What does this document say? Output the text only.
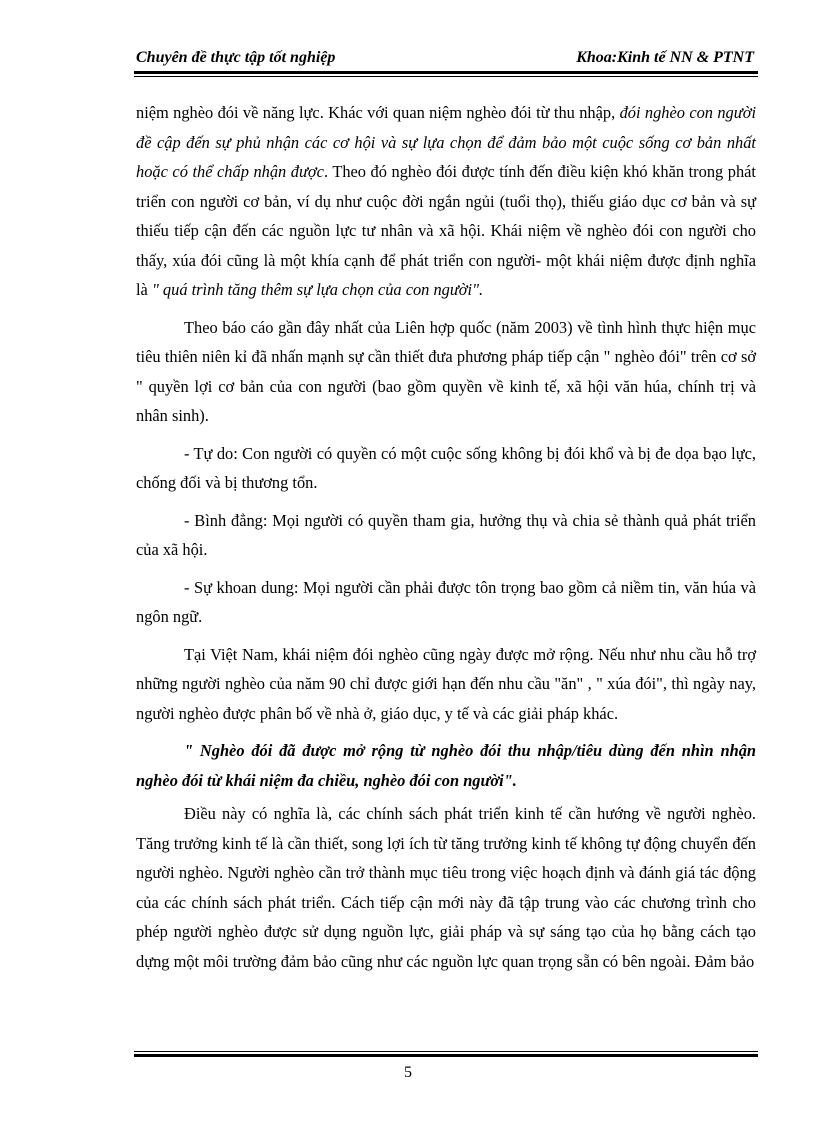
Chuyên đề thực tập tốt nghiệp	Khoa:Kinh tế NN & PTNT

niệm nghèo đói về năng lực. Khác với quan niệm nghèo đói từ thu nhập, đói nghèo con người đề cập đến sự phủ nhận các cơ hội và sự lựa chọn để đảm bảo một cuộc sống cơ bản nhất hoặc có thể chấp nhận được. Theo đó nghèo đói được tính đến điều kiện khó khăn trong phát triển con người cơ bản, ví dụ như cuộc đời ngắn ngủi (tuổi thọ), thiếu giáo dục cơ bản và sự thiếu tiếp cận đến các nguồn lực tư nhân và xã hội. Khái niệm về nghèo đói con người cho thấy, xúa đói cũng là một khía cạnh để phát triển con người- một khái niệm được định nghĩa là " quá trình tăng thêm sự lựa chọn của con người".

Theo báo cáo gần đây nhất của Liên hợp quốc (năm 2003) về tình hình thực hiện mục tiêu thiên niên kỉ đã nhấn mạnh sự cần thiết đưa phương pháp tiếp cận " nghèo đói" trên cơ sở " quyền lợi cơ bản của con người (bao gồm quyền về kinh tế, xã hội văn húa, chính trị và nhân sinh).

- Tự do: Con người có quyền có một cuộc sống không bị đói khổ và bị đe dọa bạo lực, chống đối và bị thương tổn.

- Bình đẳng: Mọi người có quyền tham gia, hưởng thụ và chia sẻ thành quả phát triển của xã hội.

- Sự khoan dung: Mọi người cần phải được tôn trọng bao gồm cả niềm tin, văn húa và ngôn ngữ.

Tại Việt Nam, khái niệm đói nghèo cũng ngày được mở rộng. Nếu như nhu cầu hỗ trợ những người nghèo của năm 90 chỉ được giới hạn đến nhu cầu "ăn" , " xúa đói", thì ngày nay, người nghèo được phân bố về nhà ở, giáo dục, y tế và các giải pháp khác.

" Nghèo đói đã được mở rộng từ nghèo đói thu nhập/tiêu dùng đến nhìn nhận nghèo đói từ khái niệm đa chiều, nghèo đói con người".

Điều này có nghĩa là, các chính sách phát triển kinh tế cần hướng về người nghèo. Tăng trưởng kinh tế là cần thiết, song lợi ích từ tăng trưởng kinh tế không tự động chuyển đến người nghèo. Người nghèo cần trở thành mục tiêu trong việc hoạch định và đánh giá tác động của các chính sách phát triển. Cách tiếp cận mới này đã tập trung vào các chương trình cho phép người nghèo được sử dụng nguồn lực, giải pháp và sự sáng tạo của họ bằng cách tạo dựng một môi trường đảm bảo cũng như các nguồn lực quan trọng sẵn có bên ngoài. Đảm bảo

5
